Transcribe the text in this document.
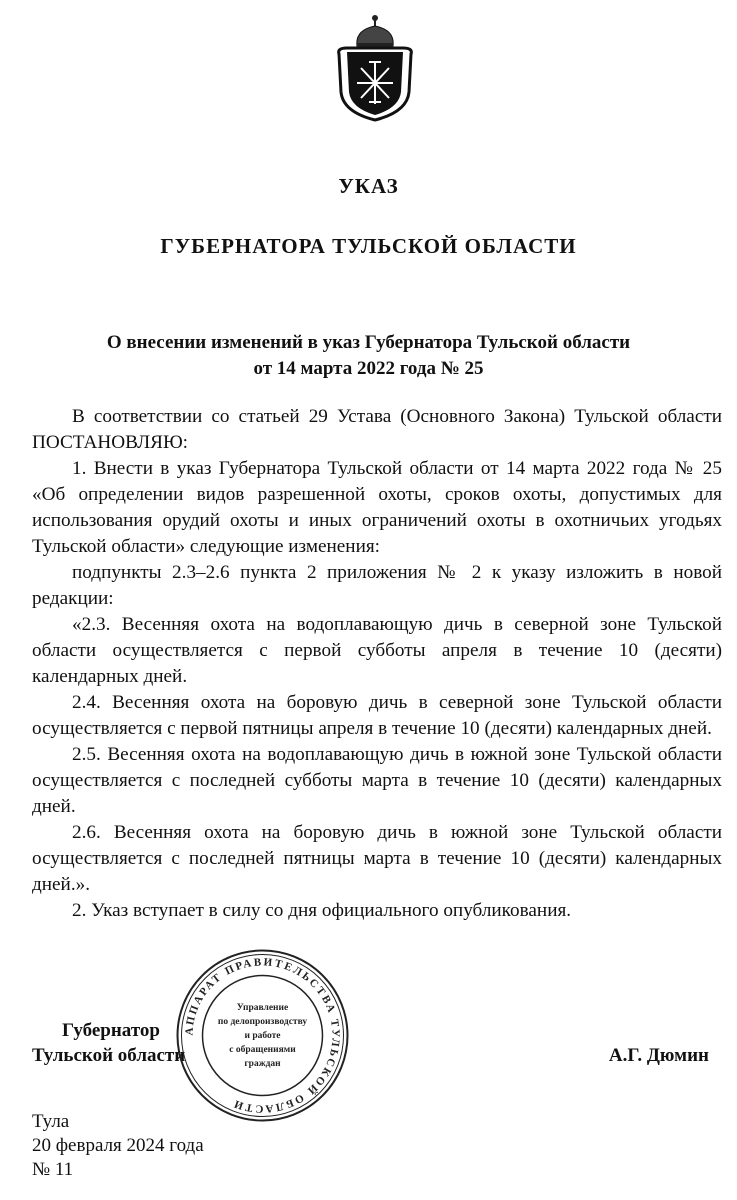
УКАЗ
ГУБЕРНАТОРА ТУЛЬСКОЙ ОБЛАСТИ
О внесении изменений в указ Губернатора Тульской области
от 14 марта 2022 года № 25

В соответствии со статьей 29 Устава (Основного Закона) Тульской области ПОСТАНОВЛЯЮ:

1. Внести в указ Губернатора Тульской области от 14 марта 2022 года № 25 «Об определении видов разрешенной охоты, сроков охоты, допустимых для использования орудий охоты и иных ограничений охоты в охотничьих угодьях Тульской области» следующие изменения:

подпункты 2.3–2.6 пункта 2 приложения № 2 к указу изложить в новой редакции:

«2.3. Весенняя охота на водоплавающую дичь в северной зоне Тульской области осуществляется с первой субботы апреля в течение 10 (десяти) календарных дней.

2.4. Весенняя охота на боровую дичь в северной зоне Тульской области осуществляется с первой пятницы апреля в течение 10 (десяти) календарных дней.

2.5. Весенняя охота на водоплавающую дичь в южной зоне Тульской области осуществляется с последней субботы марта в течение 10 (десяти) календарных дней.

2.6. Весенняя охота на боровую дичь в южной зоне Тульской области осуществляется с последней пятницы марта в течение 10 (десяти) календарных дней.».

2. Указ вступает в силу со дня официального опубликования.

Губернатор
Тульской области	А.Г. Дюмин
АППАРАТ ПРАВИТЕЛЬСТВА ТУЛЬСКОЙ ОБЛАСТИ
Управление
по делопроизводству
и работе
с обращениями
граждан
Тула
20 февраля 2024 года
№ 11
